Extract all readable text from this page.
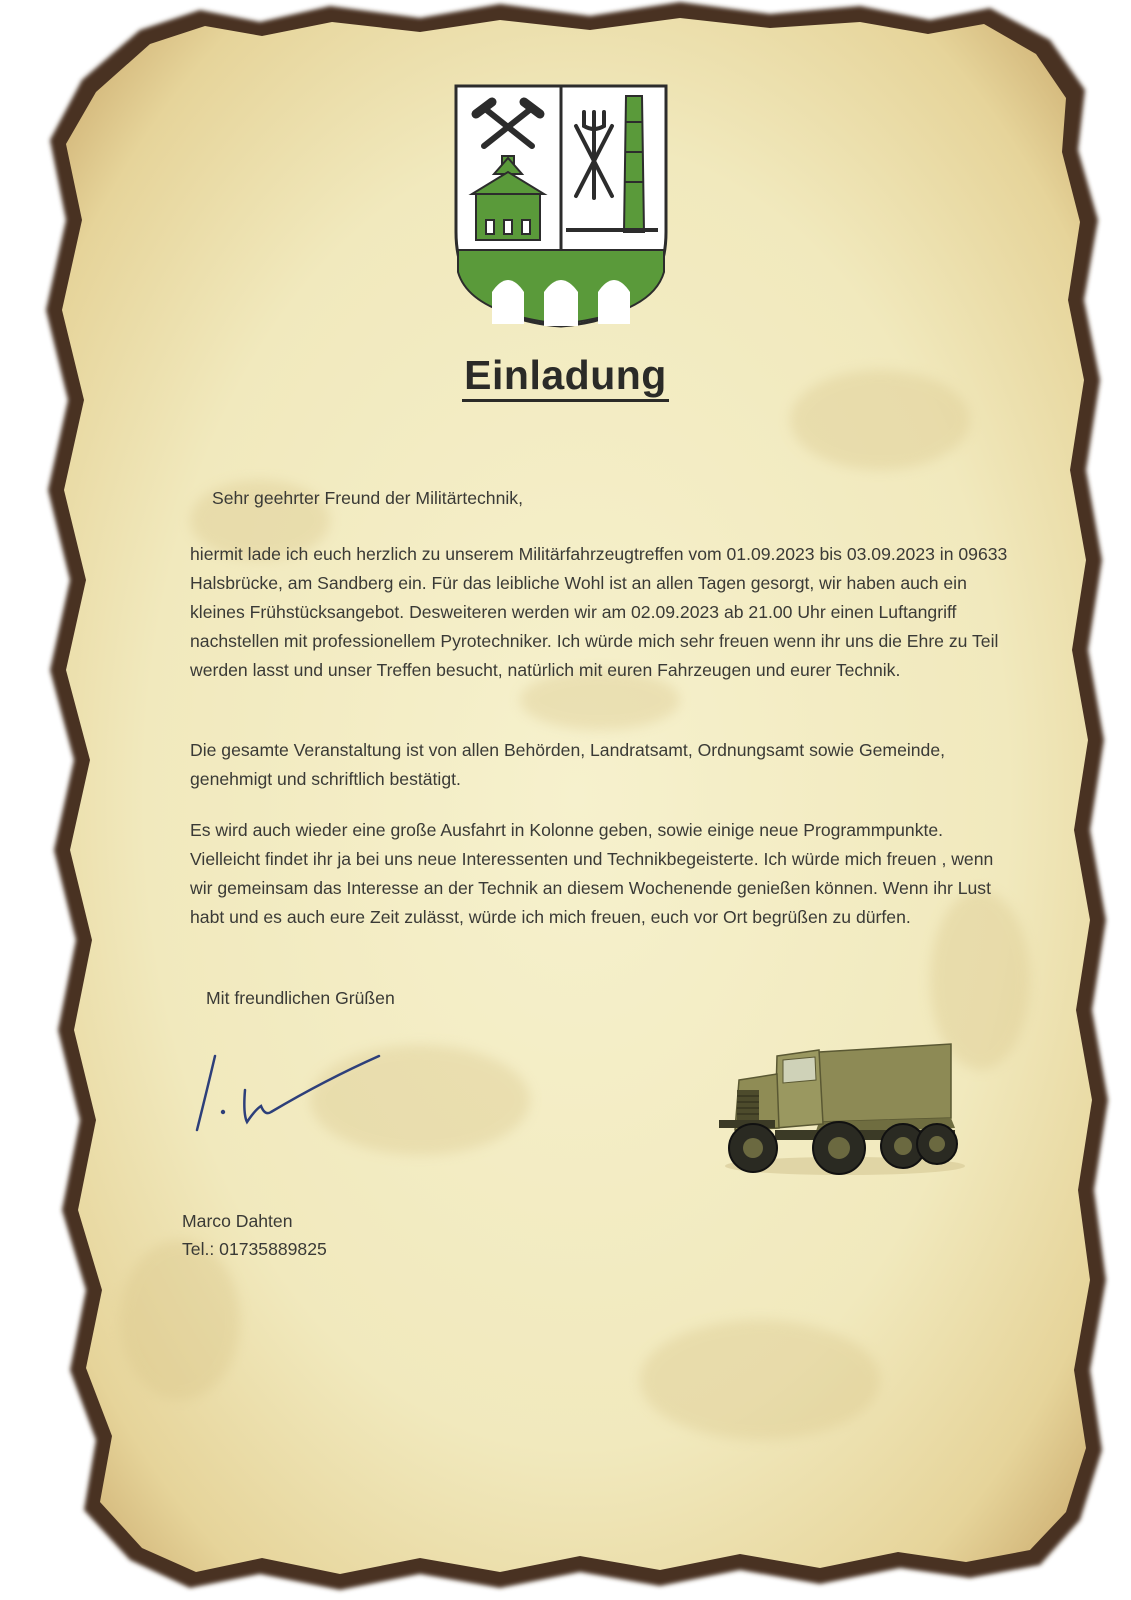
Einladung
Sehr geehrter Freund der Militärtechnik,
hiermit lade ich euch herzlich zu unserem Militärfahrzeugtreffen vom 01.09.2023 bis 03.09.2023 in 09633 Halsbrücke, am Sandberg ein. Für das leibliche Wohl ist an allen Tagen gesorgt, wir haben auch ein kleines Frühstücksangebot. Desweiteren werden wir am 02.09.2023 ab 21.00 Uhr einen Luftangriff nachstellen mit professionellem Pyrotechniker. Ich würde mich sehr freuen wenn ihr uns die Ehre zu Teil werden lasst und unser Treffen besucht, natürlich mit euren Fahrzeugen und eurer Technik.
Die gesamte Veranstaltung ist von allen Behörden, Landratsamt, Ordnungsamt sowie Gemeinde, genehmigt und schriftlich bestätigt.
Es wird auch wieder eine große Ausfahrt in Kolonne geben, sowie einige neue Programmpunkte. Vielleicht findet ihr ja bei uns neue Interessenten und Technikbegeisterte. Ich würde mich freuen , wenn wir gemeinsam das Interesse an der Technik an diesem Wochenende genießen können. Wenn ihr Lust habt und es auch eure Zeit zulässt, würde ich mich freuen, euch vor Ort begrüßen zu dürfen.
Mit freundlichen Grüßen
Marco Dahten
Tel.: 01735889825
